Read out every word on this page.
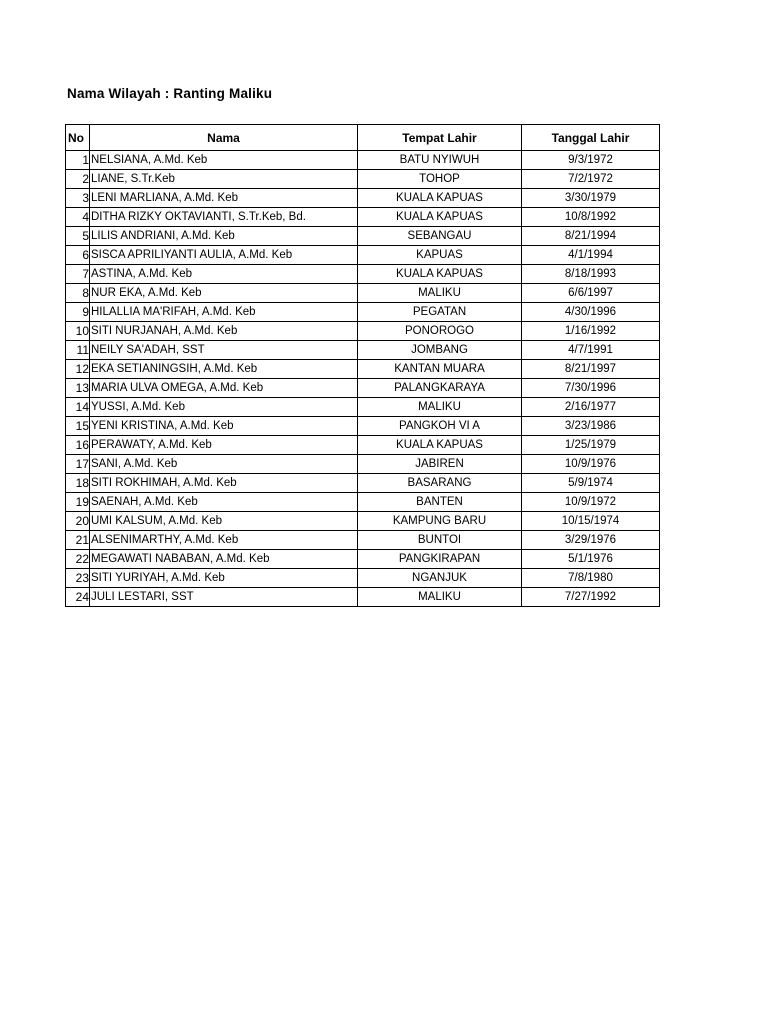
Nama Wilayah : Ranting Maliku
No	Nama	Tempat Lahir	Tanggal Lahir
1	NELSIANA, A.Md. Keb	BATU NYIWUH	9/3/1972
2	LIANE, S.Tr.Keb	TOHOP	7/2/1972
3	LENI MARLIANA, A.Md. Keb	KUALA KAPUAS	3/30/1979
4	DITHA RIZKY OKTAVIANTI, S.Tr.Keb, Bd.	KUALA KAPUAS	10/8/1992
5	LILIS ANDRIANI, A.Md. Keb	SEBANGAU	8/21/1994
6	SISCA APRILIYANTI AULIA, A.Md. Keb	KAPUAS	4/1/1994
7	ASTINA, A.Md. Keb	KUALA KAPUAS	8/18/1993
8	NUR EKA, A.Md. Keb	MALIKU	6/6/1997
9	HILALLIA MA'RIFAH, A.Md. Keb	PEGATAN	4/30/1996
10	SITI NURJANAH, A.Md. Keb	PONOROGO	1/16/1992
11	NEILY SA'ADAH, SST	JOMBANG	4/7/1991
12	EKA SETIANINGSIH, A.Md. Keb	KANTAN MUARA	8/21/1997
13	MARIA ULVA OMEGA, A.Md. Keb	PALANGKARAYA	7/30/1996
14	YUSSI, A.Md. Keb	MALIKU	2/16/1977
15	YENI KRISTINA, A.Md. Keb	PANGKOH VI A	3/23/1986
16	PERAWATY, A.Md. Keb	KUALA KAPUAS	1/25/1979
17	SANI, A.Md. Keb	JABIREN	10/9/1976
18	SITI ROKHIMAH, A.Md. Keb	BASARANG	5/9/1974
19	SAENAH, A.Md. Keb	BANTEN	10/9/1972
20	UMI KALSUM, A.Md. Keb	KAMPUNG BARU	10/15/1974
21	ALSENIMARTHY, A.Md. Keb	BUNTOI	3/29/1976
22	MEGAWATI NABABAN, A.Md. Keb	PANGKIRAPAN	5/1/1976
23	SITI YURIYAH, A.Md. Keb	NGANJUK	7/8/1980
24	JULI LESTARI, SST	MALIKU	7/27/1992
